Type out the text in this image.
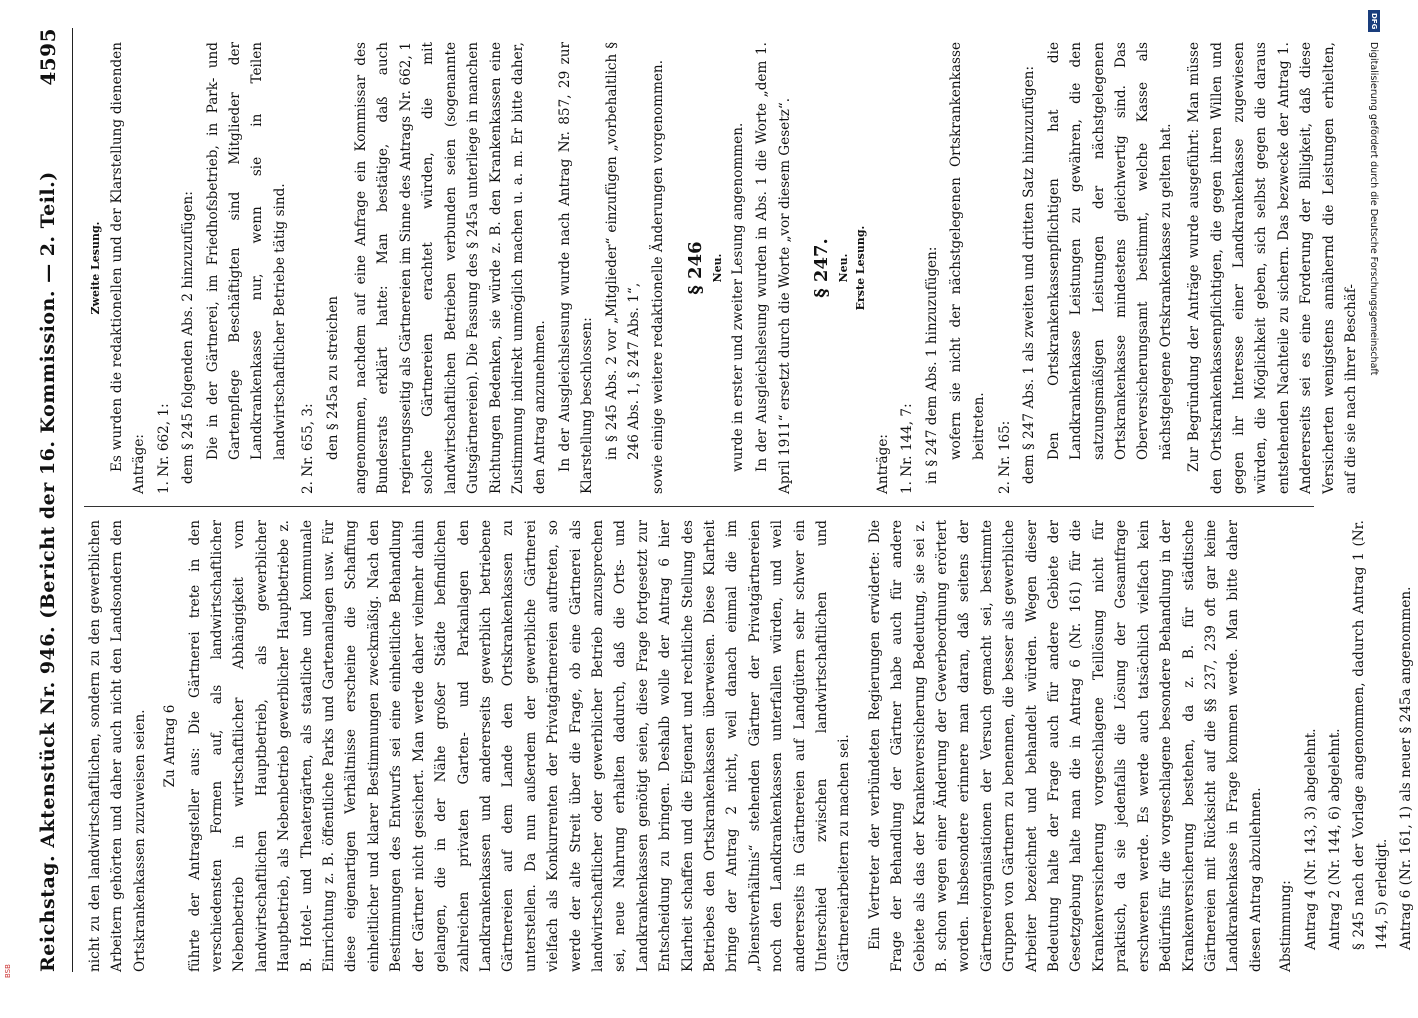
Reichstag. Aktenstück Nr. 946. (Bericht der 16. Kommission. — 2. Teil.)
4595

nicht zu den landwirtschaftlichen, sondern zu den gewerblichen Arbeitern gehörten und daher auch nicht den Landsondern den Ortskrankenkassen zuzuweisen seien. Zu Antrag 6 führte der Antragsteller aus: Die Gärtnerei trete in den verschiedensten Formen auf, als landwirtschaftlicher Nebenbetrieb in wirtschaftlicher Abhängigkeit vom landwirtschaftlichen Hauptbetrieb, als gewerblicher Hauptbetrieb, als Nebenbetrieb gewerblicher Hauptbetriebe z. B. Hotel- und Theatergärten, als staatliche und kommunale Einrichtung z. B. öffentliche Parks und Gartenanlagen usw. Für diese eigenartigen Verhältnisse erscheine die Schaffung einheitlicher und klarer Bestimmungen zweckmäßig. Nach den Bestimmungen des Entwurfs sei eine einheitliche Behandlung der Gärtner nicht gesichert. Man werde daher vielmehr dahin gelangen, die in der Nähe großer Städte befindlichen zahlreichen privaten Garten- und Parkanlagen den Landkrankenkassen und andererseits gewerblich betriebene Gärtnereien auf dem Lande den Ortskrankenkassen zu unterstellen. Da nun außerdem der gewerbliche Gärtnerei vielfach als Konkurrenten der Privatgärtnereien auftreten, so werde der alte Streit über die Frage, ob eine Gärtnerei als landwirtschaftlicher oder gewerblicher Betrieb anzusprechen sei, neue Nahrung erhalten dadurch, daß die Orts- und Landkrankenkassen genötigt seien, diese Frage fortgesetzt zur Entscheidung zu bringen. Deshalb wolle der Antrag 6 hier Klarheit schaffen und die Eigenart und rechtliche Stellung des Betriebes den Ortskrankenkassen überweisen. Diese Klarheit bringe der Antrag 2 nicht, weil danach einmal die im „Dienstverhältnis“ stehenden Gärtner der Privatgärtnereien noch den Landkrankenkassen unterfallen würden, und weil andererseits in Gärtnereien auf Landgütern sehr schwer ein Unterschied zwischen landwirtschaftlichen und Gärtnereiarbeitern zu machen sei. Ein Vertreter der verbündeten Regierungen erwiderte: Die Frage der Behandlung der Gärtner habe auch für andere Gebiete als das der Krankenversicherung Bedeutung, sie sei z. B. schon wegen einer Änderung der Gewerbeordnung erörtert worden. Insbesondere erinnere man daran, daß seitens der Gärtnereiorganisationen der Versuch gemacht sei, bestimmte Gruppen von Gärtnern zu benennen, die besser als gewerbliche Arbeiter bezeichnet und behandelt würden. Wegen dieser Bedeutung halte der Frage auch für andere Gebiete der Gesetzgebung halte man die in Antrag 6 (Nr. 161) für die Krankenversicherung vorgeschlagene Teillösung nicht für praktisch, da sie jedenfalls die Lösung der Gesamtfrage erschweren werde. Es werde auch tatsächlich vielfach kein Bedürfnis für die vorgeschlagene besondere Behandlung in der Krankenversicherung bestehen, da z. B. für städtische Gärtnereien mit Rücksicht auf die §§ 237, 239 oft gar keine Landkrankenkasse in Frage kommen werde. Man bitte daher diesen Antrag abzulehnen. Abstimmung: Antrag 4 (Nr. 143, 3) abgelehnt. Antrag 2 (Nr. 144, 6) abgelehnt. § 245 nach der Vorlage angenommen, dadurch Antrag 1 (Nr. 144, 5) erledigt. Antrag 6 (Nr. 161, 1) als neuer § 245a angenommen.

Zweite Lesung. Es wurden die redaktionellen und der Klarstellung dienenden Anträge: 1. Nr. 662, 1: dem § 245 folgenden Abs. 2 hinzuzufügen: Die in der Gärtnerei, im Friedhofsbetrieb, in Park- und Gartenpflege Beschäftigten sind Mitglieder der Landkrankenkasse nur, wenn sie in Teilen landwirtschaftlicher Betriebe tätig sind. 2. Nr. 655, 3: den § 245a zu streichen angenommen, nachdem auf eine Anfrage ein Kommissar des Bundesrats erklärt hatte: Man bestätige, daß auch regierungsseitig als Gärtnereien im Sinne des Antrags Nr. 662, 1 solche Gärtnereien erachtet würden, die mit landwirtschaftlichen Betrieben verbunden seien (sogenannte Gutsgärtnereien). Die Fassung des § 245a unterliege in manchen Richtungen Bedenken, sie würde z. B. den Krankenkassen eine Zustimmung indirekt unmöglich machen u. a. m. Er bitte daher, den Antrag anzunehmen. In der Ausgleichslesung wurde nach Antrag Nr. 857, 29 zur Klarstellung beschlossen: in § 245 Abs. 2 vor „Mitglieder“ einzufügen „vorbehaltlich § 246 Abs. 1, § 247 Abs. 1“, sowie einige weitere redaktionelle Änderungen vorgenommen. § 246 Neu. wurde in erster und zweiter Lesung angenommen. In der Ausgleichslesung wurden in Abs. 1 die Worte „dem 1. April 1911“ ersetzt durch die Worte „vor diesem Gesetz“. § 247. Neu. Erste Lesung.

Anträge: 1. Nr. 144, 7: in § 247 dem Abs. 1 hinzuzufügen: wofern sie nicht der nächstgelegenen Ortskrankenkasse beitreten. 2. Nr. 165: dem § 247 Abs. 1 als zweiten und dritten Satz hinzuzufügen: Den Ortskrankenkassenpflichtigen hat die Landkrankenkasse Leistungen zu gewähren, die den satzungsmäßigen Leistungen der nächstgelegenen Ortskrankenkasse mindestens gleichwertig sind. Das Oberversicherungsamt bestimmt, welche Kasse als nächstgelegene Ortskrankenkasse zu gelten hat. Zur Begründung der Anträge wurde ausgeführt: Man müsse den Ortskrankenkassenpflichtigen, die gegen ihren Willen und gegen ihr Interesse einer Landkrankenkasse zugewiesen würden, die Möglichkeit geben, sich selbst gegen die daraus entstehenden Nachteile zu sichern. Das bezwecke der Antrag 1. Andererseits sei es eine Forderung der Billigkeit, daß diese Versicherten wenigstens annähernd die Leistungen erhielten, auf die sie nach ihrer Beschäf-

DFG
Digitalisierung gefördert durch die Deutsche Forschungsgemeinschaft
BSB
